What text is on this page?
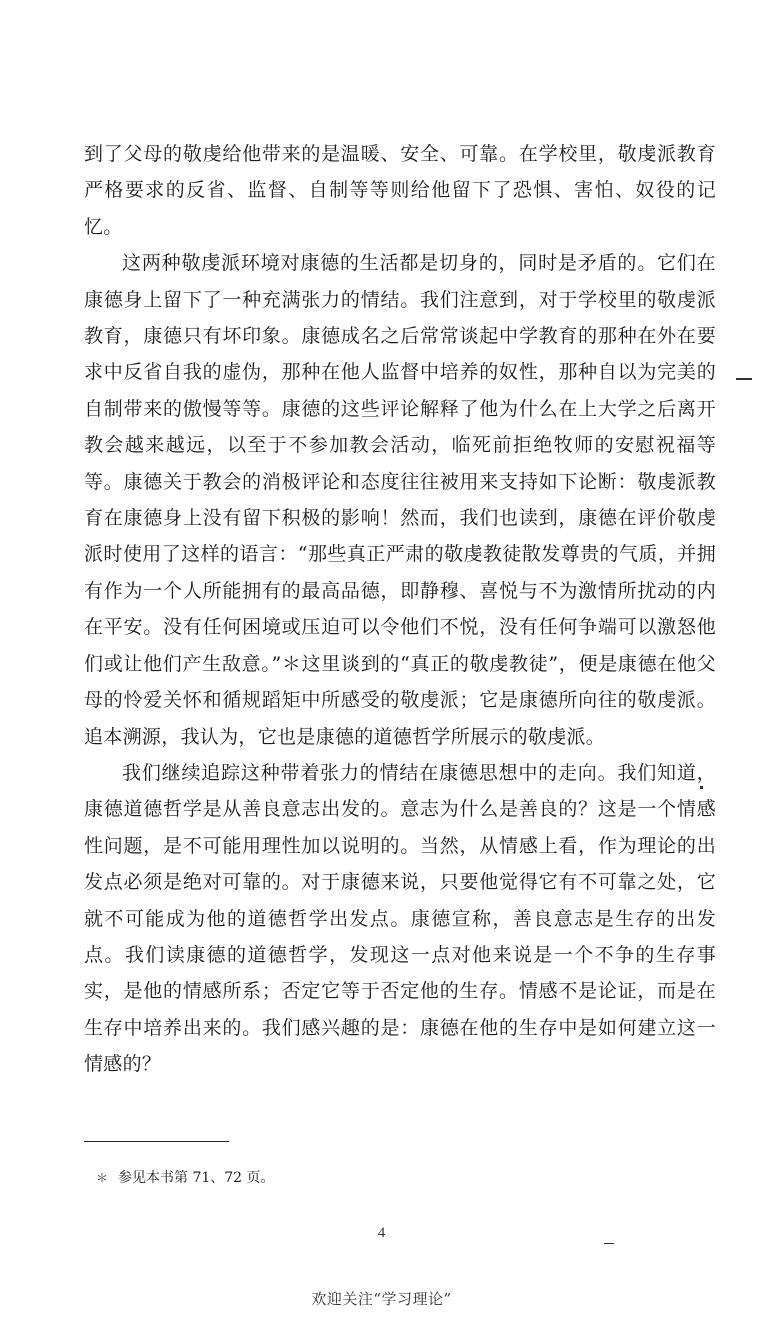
到了父母的敬虔给他带来的是温暖、安全、可靠。在学校里，敬虔派教育严格要求的反省、监督、自制等等则给他留下了恐惧、害怕、奴役的记忆。

这两种敬虔派环境对康德的生活都是切身的，同时是矛盾的。它们在康德身上留下了一种充满张力的情结。我们注意到，对于学校里的敬虔派教育，康德只有坏印象。康德成名之后常常谈起中学教育的那种在外在要求中反省自我的虚伪，那种在他人监督中培养的奴性，那种自以为完美的自制带来的傲慢等等。康德的这些评论解释了他为什么在上大学之后离开教会越来越远，以至于不参加教会活动，临死前拒绝牧师的安慰祝福等等。康德关于教会的消极评论和态度往往被用来支持如下论断：敬虔派教育在康德身上没有留下积极的影响！然而，我们也读到，康德在评价敬虔派时使用了这样的语言：“那些真正严肃的敬虔教徒散发尊贵的气质，并拥有作为一个人所能拥有的最高品德，即静穆、喜悦与不为激情所扰动的内在平安。没有任何困境或压迫可以令他们不悦，没有任何争端可以激怒他们或让他们产生敌意。”＊这里谈到的“真正的敬虔教徒”，便是康德在他父母的怜爱关怀和循规蹈矩中所感受的敬虔派；它是康德所向往的敬虔派。追本溯源，我认为，它也是康德的道德哲学所展示的敬虔派。

我们继续追踪这种带着张力的情结在康德思想中的走向。我们知道，康德道德哲学是从善良意志出发的。意志为什么是善良的？这是一个情感性问题，是不可能用理性加以说明的。当然，从情感上看，作为理论的出发点必须是绝对可靠的。对于康德来说，只要他觉得它有不可靠之处，它就不可能成为他的道德哲学出发点。康德宣称，善良意志是生存的出发点。我们读康德的道德哲学，发现这一点对他来说是一个不争的生存事实，是他的情感所系；否定它等于否定他的生存。情感不是论证，而是在生存中培养出来的。我们感兴趣的是：康德在他的生存中是如何建立这一情感的？

＊ 参见本书第 71、72 页。
4
欢迎关注“学习理论”
